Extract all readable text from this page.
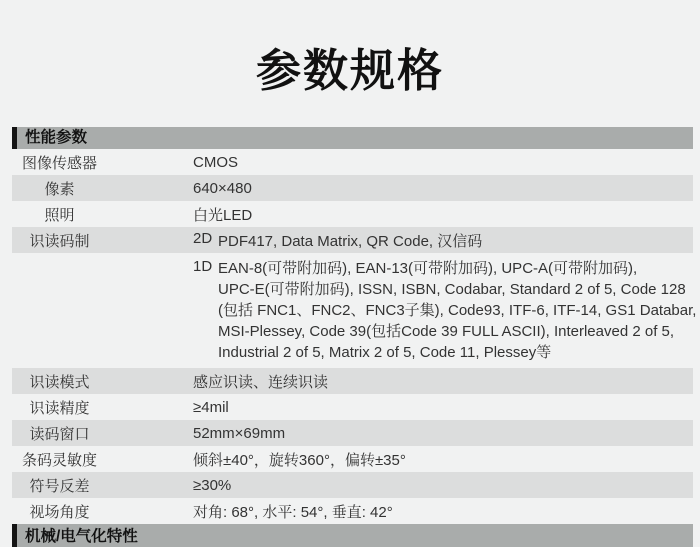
参数规格
性能参数
图像传感器	CMOS
像素	640×480
照明	白光LED
识读码制	2D PDF417, Data Matrix, QR Code, 汉信码
1D EAN-8(可带附加码), EAN-13(可带附加码), UPC-A(可带附加码),
UPC-E(可带附加码), ISSN, ISBN, Codabar, Standard 2 of 5, Code 128
(包括 FNC1、FNC2、FNC3子集), Code93, ITF-6, ITF-14, GS1 Databar,
MSI-Plessey, Code 39(包括Code 39 FULL ASCII), Interleaved 2 of 5,
Industrial 2 of 5, Matrix 2 of 5, Code 11, Plessey等
识读模式	感应识读、连续识读
识读精度	≥4mil
读码窗口	52mm×69mm
条码灵敏度	倾斜±40°，旋转360°，偏转±35°
符号反差	≥30%
视场角度	对角: 68°, 水平: 54°, 垂直: 42°
机械/电气化特性
